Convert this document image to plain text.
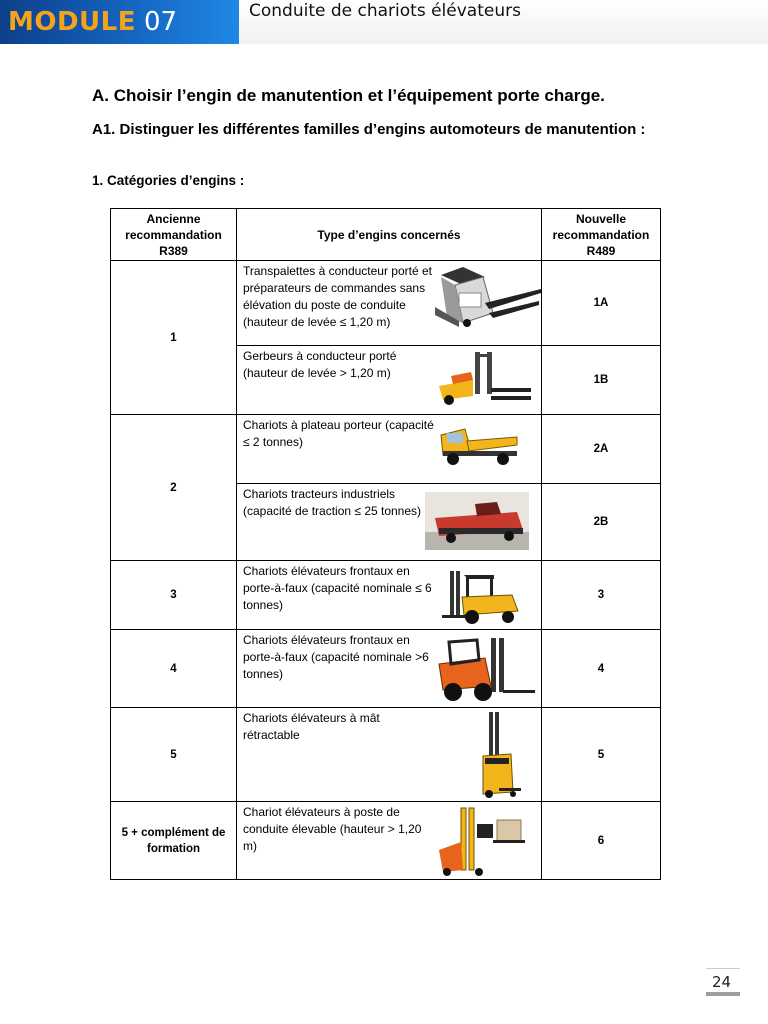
MODULE 07	Conduite de chariots élévateurs
A. Choisir l’engin de manutention et l’équipement porte charge.
A1. Distinguer les différentes familles d’engins automoteurs de manutention :
1. Catégories d’engins :
Ancienne recommandation R389	Type d’engins concernés	Nouvelle recommandation R489
1	Transpalettes à conducteur porté et préparateurs de commandes sans élévation du poste de conduite (hauteur de levée ≤ 1,20 m)	1A

	Gerbeurs à conducteur porté (hauteur de levée > 1,20 m)	1B
2	Chariots à plateau porteur (capacité ≤ 2 tonnes)	2A

	Chariots tracteurs industriels (capacité de traction ≤ 25 tonnes)	2B
3	Chariots élévateurs frontaux en porte-à-faux (capacité nominale ≤ 6 tonnes)	3
4	Chariots élévateurs frontaux en porte-à-faux (capacité nominale >6 tonnes)	4
5	Chariots élévateurs à mât rétractable	5
5 + complément de formation	Chariot élévateurs à poste de conduite élevable (hauteur > 1,20 m)	6
24
